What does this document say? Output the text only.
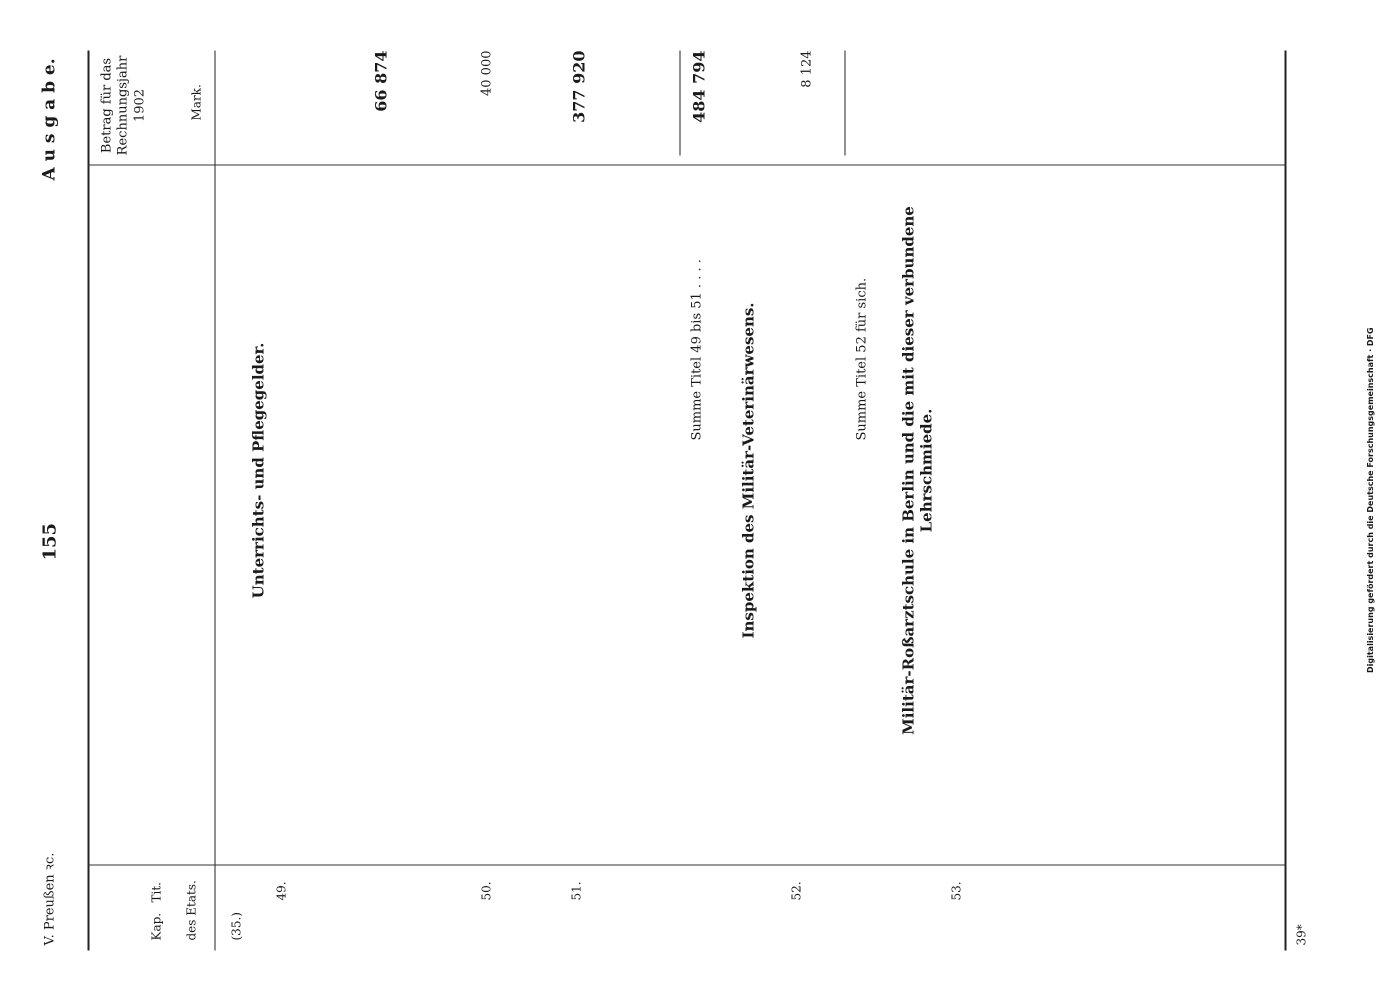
V. Preußen ꝛc.
155
A u s g a b e.
Kap.
Tit. des Etats.
Betrag für das Rechnungsjahr 1902	Mark.
(35.)
Unterrichts- und Pflegegelder.
49.
66 874
50.
40 000
51.
377 920
Summe Titel 49 bis 51 . . . .
484 794
Inspektion des Militär-Veterinärwesens.
52.
8 124
Summe Titel 52 für sich. Militär-Roßarztschule in Berlin und die mit dieser verbundene Lehrschmiede.
53.
39*
Digitalisierung gefördert durch die Deutsche Forschungsgemeinschaft · DFG
